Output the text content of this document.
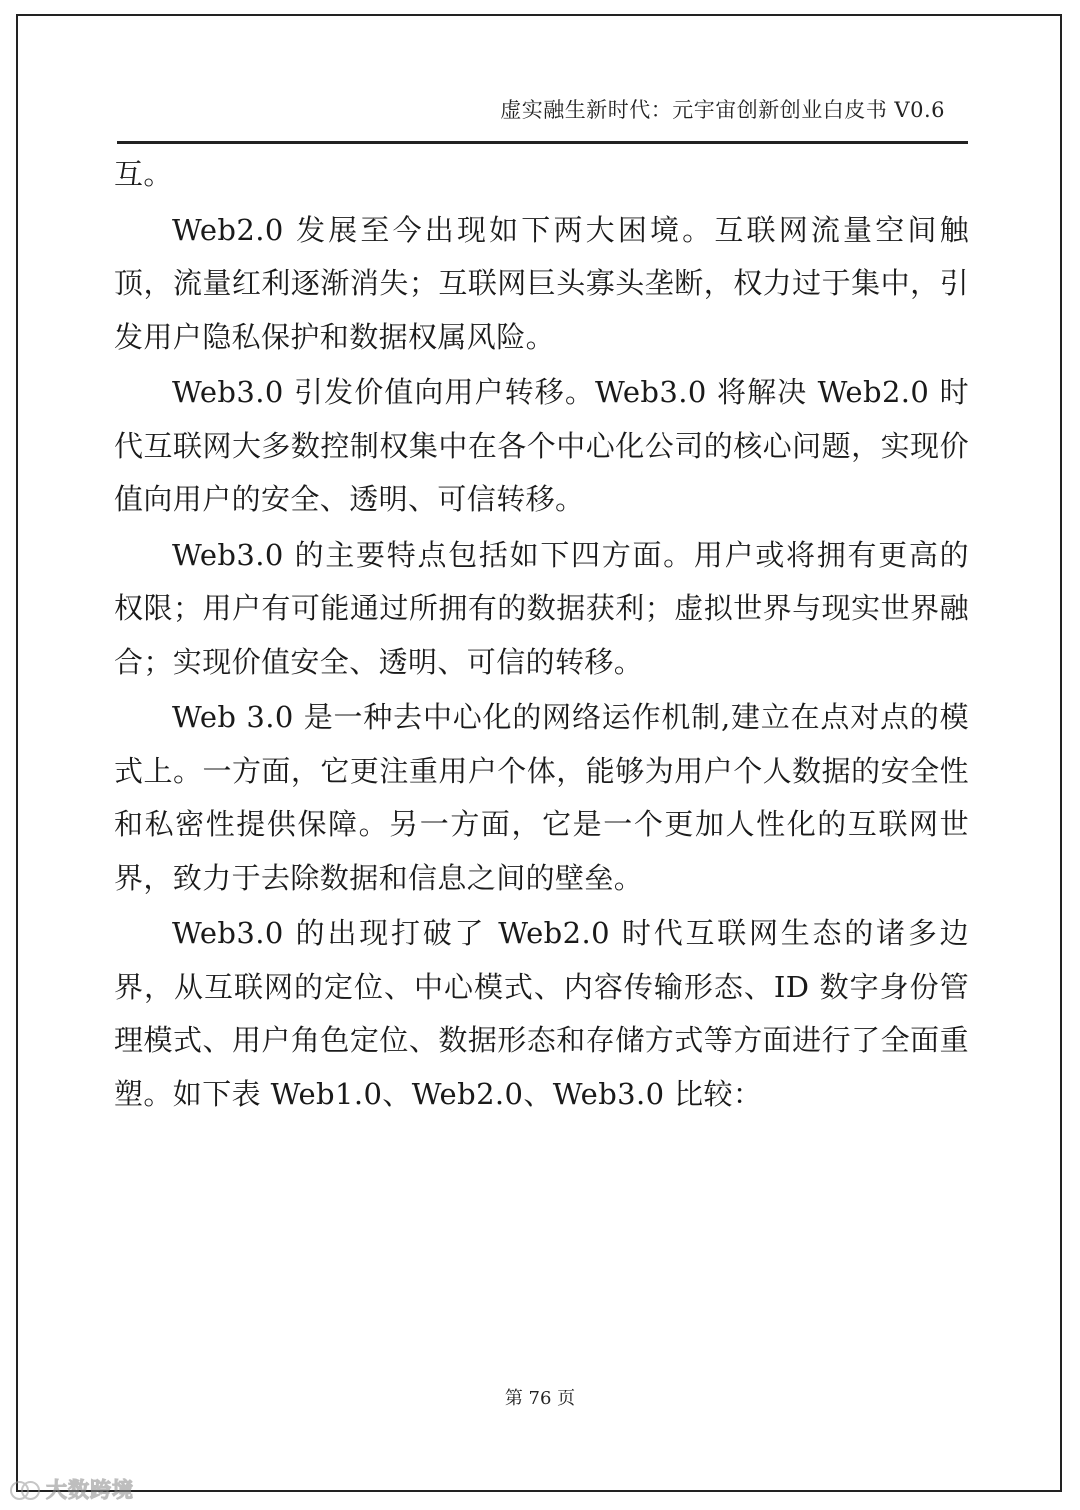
虚实融生新时代：元宇宙创新创业白皮书 V0.6

互。

Web2.0 发展至今出现如下两大困境。互联网流量空间触顶，流量红利逐渐消失；互联网巨头寡头垄断，权力过于集中，引发用户隐私保护和数据权属风险。

Web3.0 引发价值向用户转移。Web3.0 将解决 Web2.0 时代互联网大多数控制权集中在各个中心化公司的核心问题，实现价值向用户的安全、透明、可信转移。

Web3.0 的主要特点包括如下四方面。用户或将拥有更高的权限；用户有可能通过所拥有的数据获利；虚拟世界与现实世界融合；实现价值安全、透明、可信的转移。

Web 3.0 是一种去中心化的网络运作机制,建立在点对点的模式上。一方面，它更注重用户个体，能够为用户个人数据的安全性和私密性提供保障。另一方面，它是一个更加人性化的互联网世界，致力于去除数据和信息之间的壁垒。

Web3.0 的出现打破了 Web2.0 时代互联网生态的诸多边界，从互联网的定位、中心模式、内容传输形态、ID 数字身份管理模式、用户角色定位、数据形态和存储方式等方面进行了全面重塑。如下表 Web1.0、Web2.0、Web3.0 比较：

第 76 页
大数跨境
